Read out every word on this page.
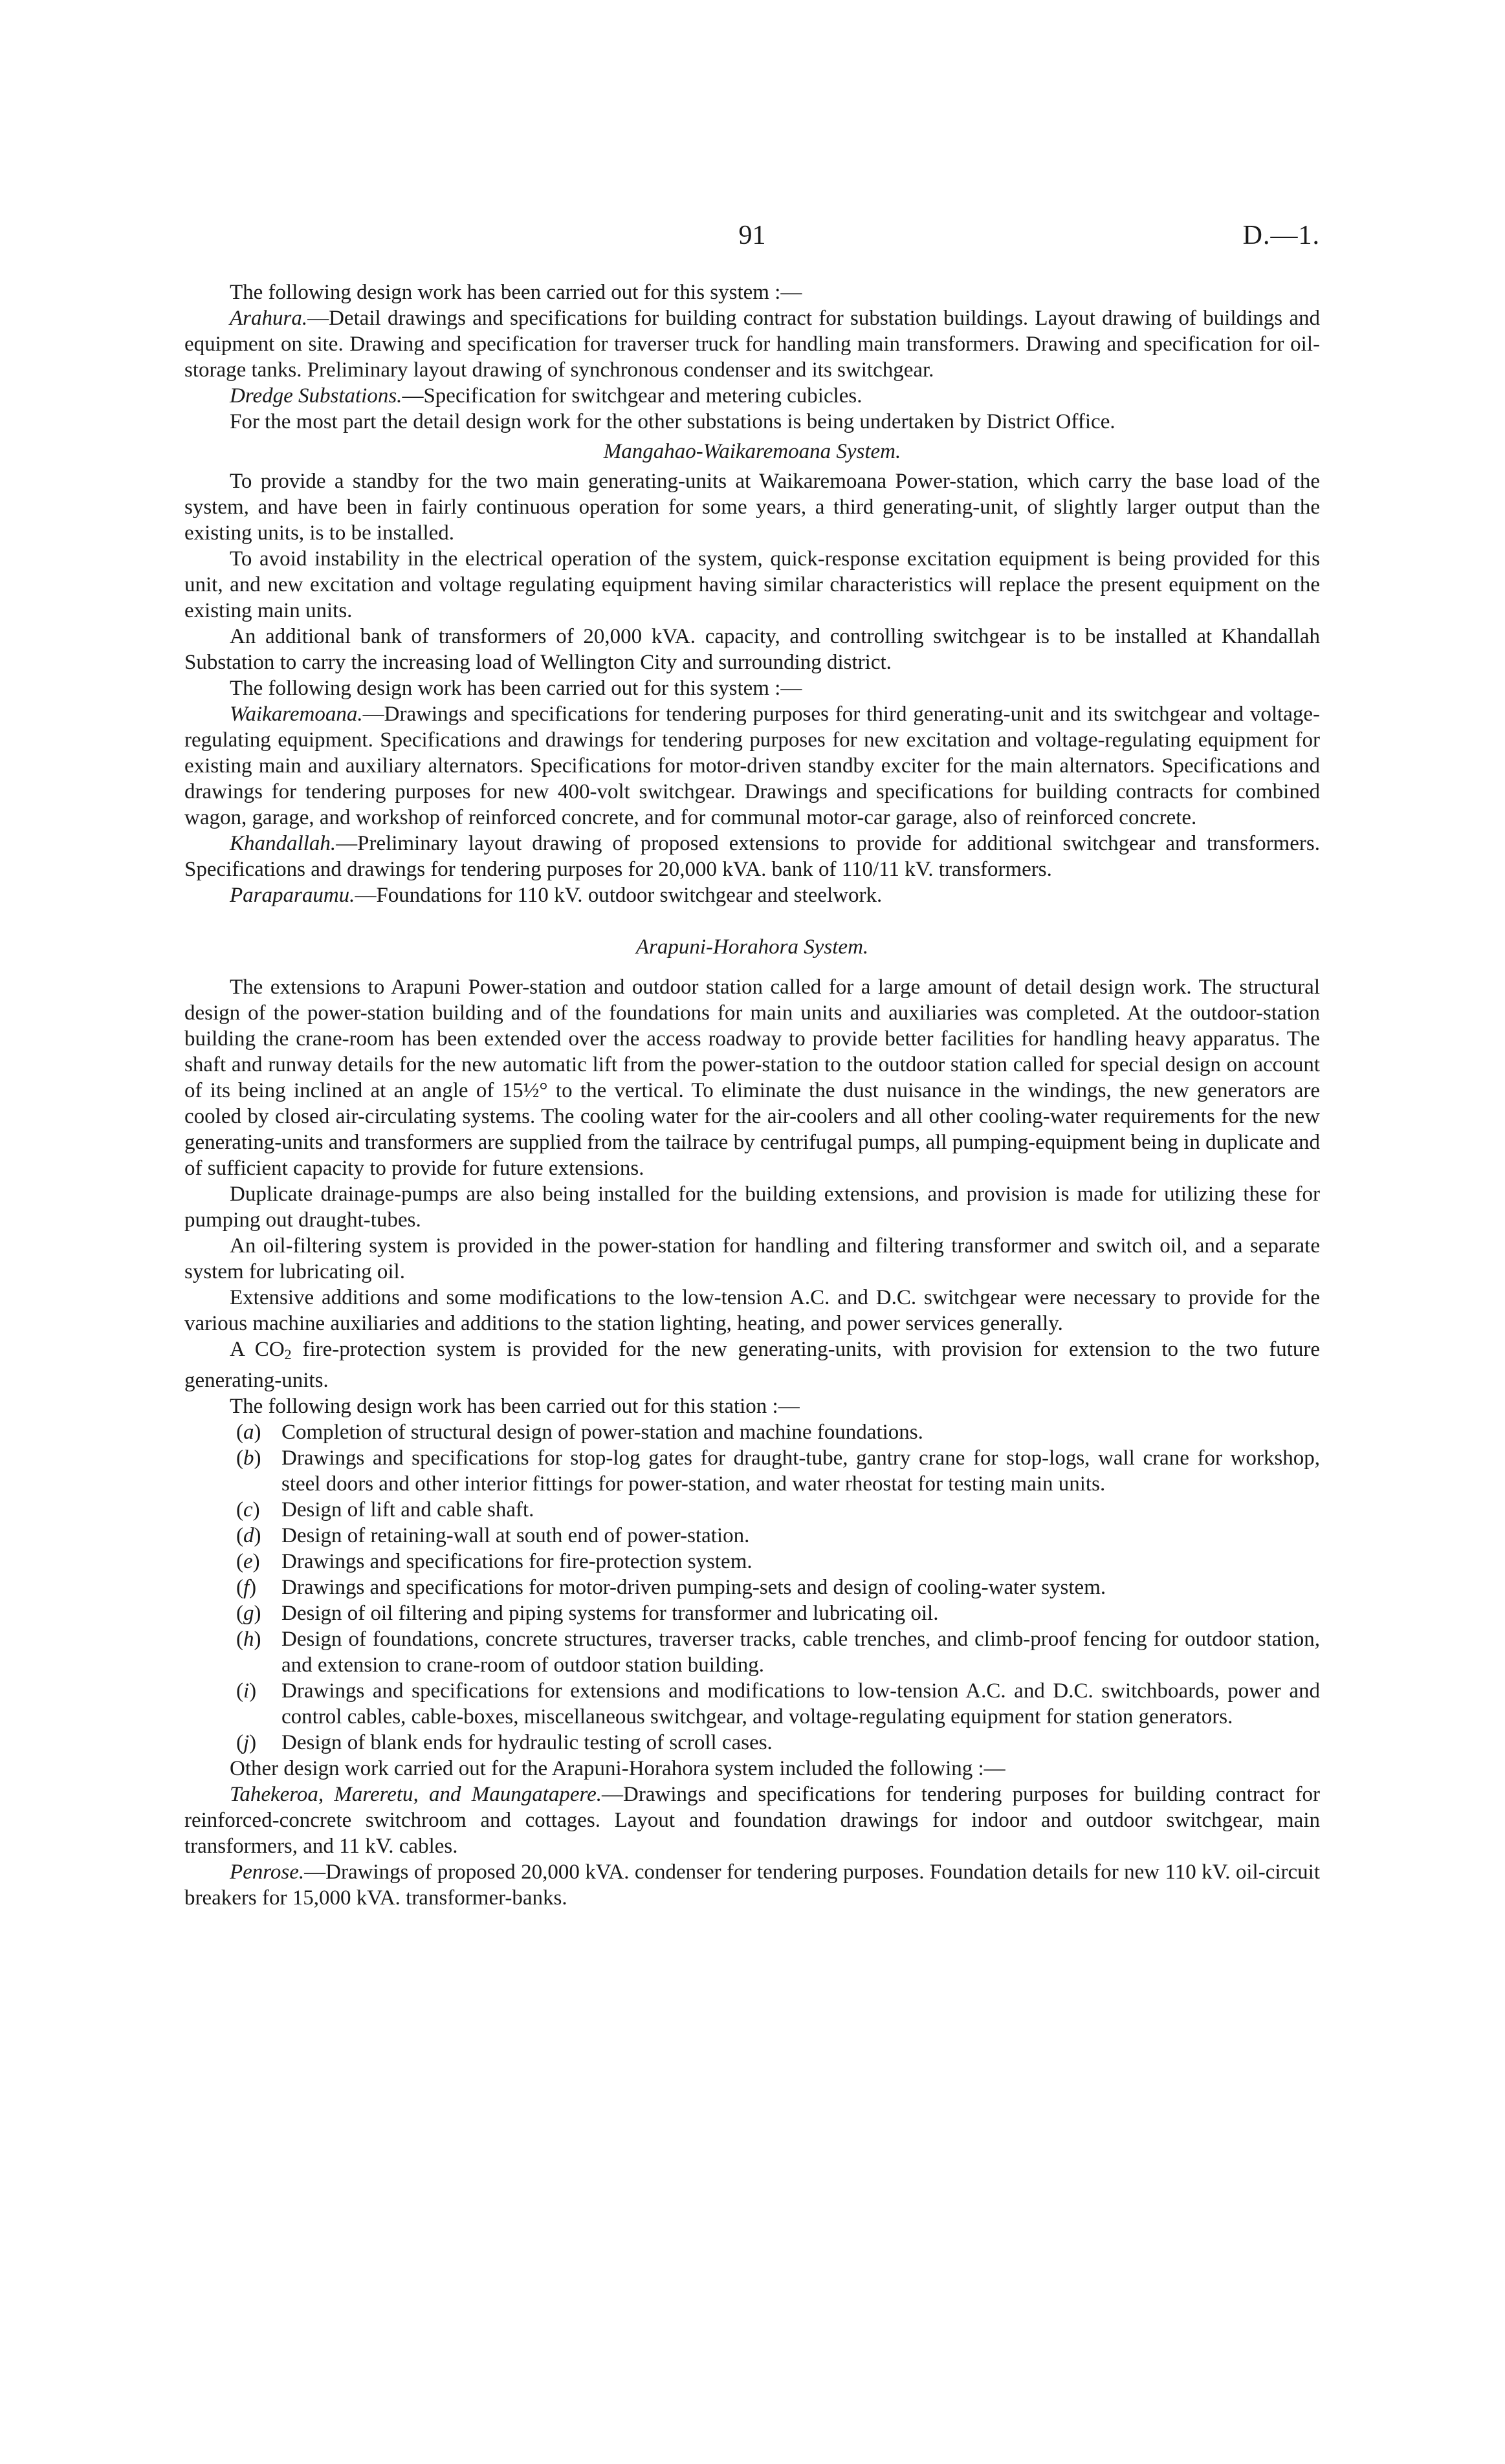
91	D.—1.

The following design work has been carried out for this system :—

Arahura.—Detail drawings and specifications for building contract for substation buildings. Layout drawing of buildings and equipment on site. Drawing and specification for traverser truck for handling main transformers. Drawing and specification for oil-storage tanks. Preliminary layout drawing of synchronous condenser and its switchgear.

Dredge Substations.—Specification for switchgear and metering cubicles.

For the most part the detail design work for the other substations is being undertaken by District Office.

Mangahao-Waikaremoana System.

To provide a standby for the two main generating-units at Waikaremoana Power-station, which carry the base load of the system, and have been in fairly continuous operation for some years, a third generating-unit, of slightly larger output than the existing units, is to be installed.

To avoid instability in the electrical operation of the system, quick-response excitation equipment is being provided for this unit, and new excitation and voltage regulating equipment having similar characteristics will replace the present equipment on the existing main units.

An additional bank of transformers of 20,000 kVA. capacity, and controlling switchgear is to be installed at Khandallah Substation to carry the increasing load of Wellington City and surrounding district.

The following design work has been carried out for this system :—

Waikaremoana.—Drawings and specifications for tendering purposes for third generating-unit and its switchgear and voltage-regulating equipment. Specifications and drawings for tendering purposes for new excitation and voltage-regulating equipment for existing main and auxiliary alternators. Specifications for motor-driven standby exciter for the main alternators. Specifications and drawings for tendering purposes for new 400-volt switchgear. Drawings and specifications for building contracts for combined wagon, garage, and workshop of reinforced concrete, and for communal motor-car garage, also of reinforced concrete.

Khandallah.—Preliminary layout drawing of proposed extensions to provide for additional switchgear and transformers. Specifications and drawings for tendering purposes for 20,000 kVA. bank of 110/11 kV. transformers.

Paraparaumu.—Foundations for 110 kV. outdoor switchgear and steelwork.

Arapuni-Horahora System.

The extensions to Arapuni Power-station and outdoor station called for a large amount of detail design work. The structural design of the power-station building and of the foundations for main units and auxiliaries was completed. At the outdoor-station building the crane-room has been extended over the access roadway to provide better facilities for handling heavy apparatus. The shaft and runway details for the new automatic lift from the power-station to the outdoor station called for special design on account of its being inclined at an angle of 15½° to the vertical. To eliminate the dust nuisance in the windings, the new generators are cooled by closed air-circulating systems. The cooling water for the air-coolers and all other cooling-water requirements for the new generating-units and transformers are supplied from the tailrace by centrifugal pumps, all pumping-equipment being in duplicate and of sufficient capacity to provide for future extensions.

Duplicate drainage-pumps are also being installed for the building extensions, and provision is made for utilizing these for pumping out draught-tubes.

An oil-filtering system is provided in the power-station for handling and filtering transformer and switch oil, and a separate system for lubricating oil.

Extensive additions and some modifications to the low-tension A.C. and D.C. switchgear were necessary to provide for the various machine auxiliaries and additions to the station lighting, heating, and power services generally.

A $CO_2$ fire-protection system is provided for the new generating-units, with provision for extension to the two future generating-units.

The following design work has been carried out for this station :—

(a) Completion of structural design of power-station and machine foundations.
(b) Drawings and specifications for stop-log gates for draught-tube, gantry crane for stop-logs, wall crane for workshop, steel doors and other interior fittings for power-station, and water rheostat for testing main units.
(c) Design of lift and cable shaft.
(d) Design of retaining-wall at south end of power-station.
(e) Drawings and specifications for fire-protection system.
(f) Drawings and specifications for motor-driven pumping-sets and design of cooling-water system.
(g) Design of oil filtering and piping systems for transformer and lubricating oil.
(h) Design of foundations, concrete structures, traverser tracks, cable trenches, and climb-proof fencing for outdoor station, and extension to crane-room of outdoor station building.
(i) Drawings and specifications for extensions and modifications to low-tension A.C. and D.C. switchboards, power and control cables, cable-boxes, miscellaneous switchgear, and voltage-regulating equipment for station generators.
(j) Design of blank ends for hydraulic testing of scroll cases.

Other design work carried out for the Arapuni-Horahora system included the following :—

Tahekeroa, Mareretu, and Maungatapere.—Drawings and specifications for tendering purposes for building contract for reinforced-concrete switchroom and cottages. Layout and foundation drawings for indoor and outdoor switchgear, main transformers, and 11 kV. cables.

Penrose.—Drawings of proposed 20,000 kVA. condenser for tendering purposes. Foundation details for new 110 kV. oil-circuit breakers for 15,000 kVA. transformer-banks.
